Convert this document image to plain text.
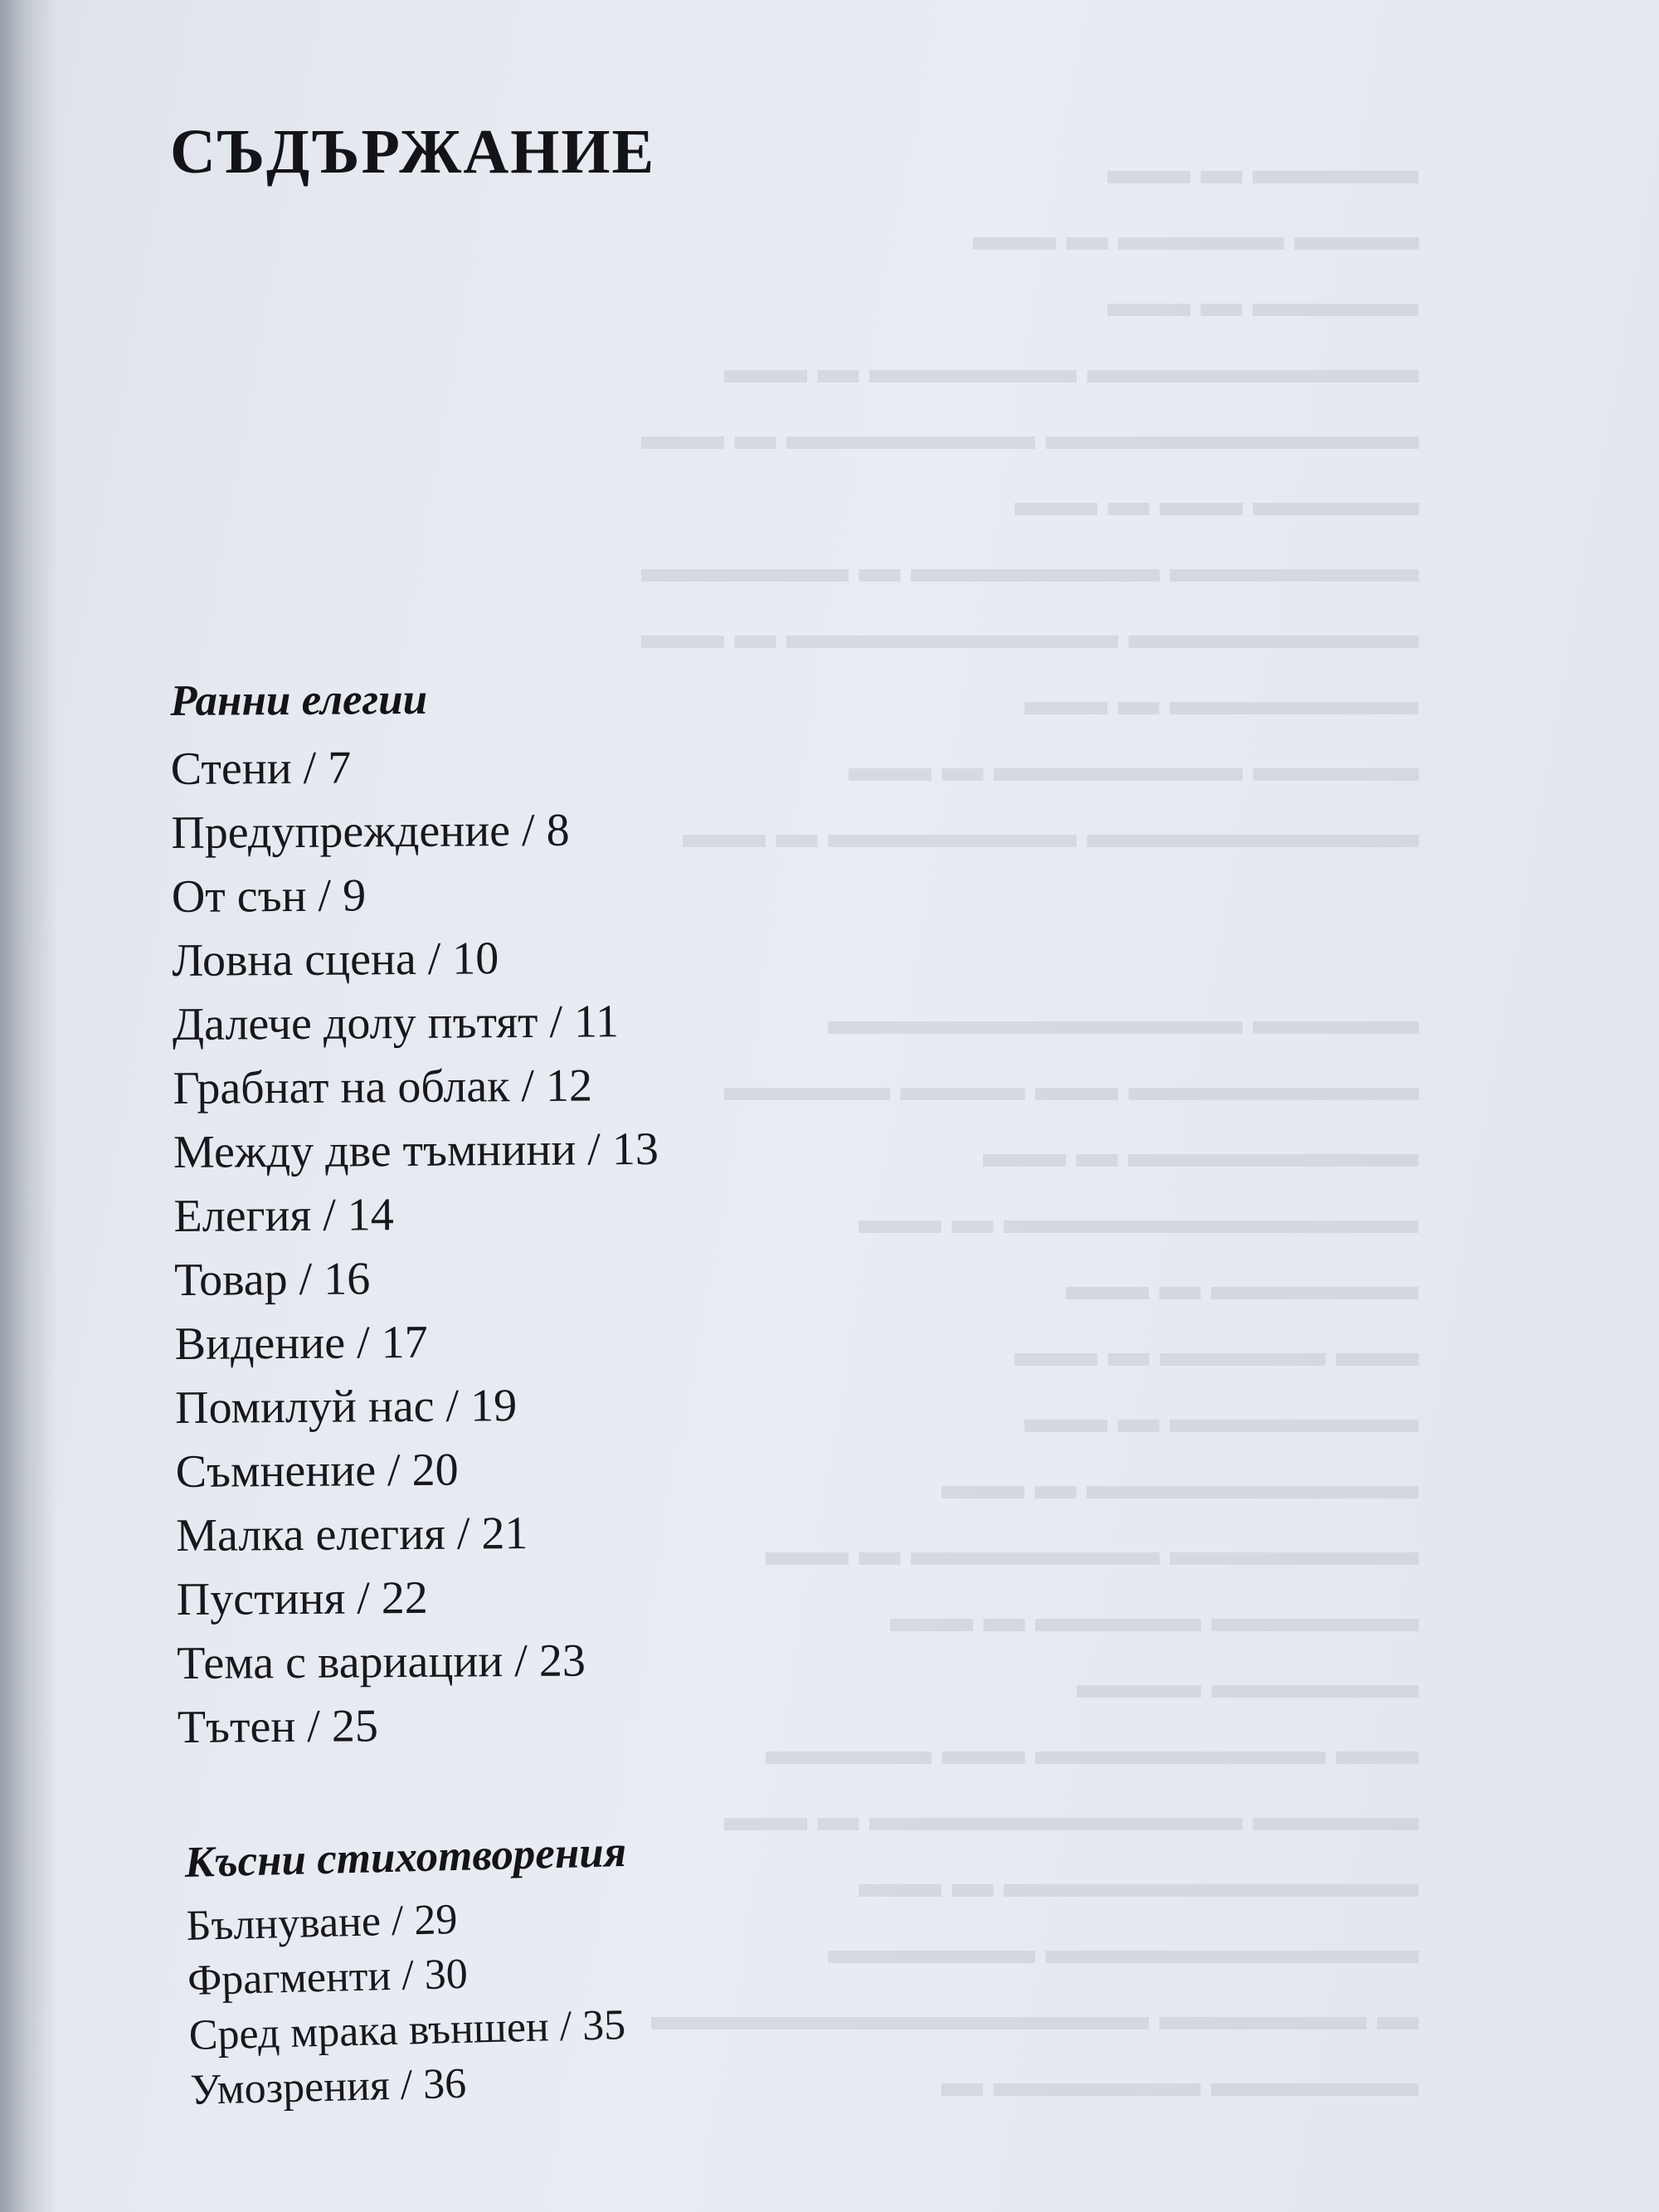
▬▬▬▬ ▬ ▬▬
▬▬▬ ▬▬▬▬ ▬ ▬▬
▬▬▬▬ ▬ ▬▬
▬▬▬▬▬▬▬▬ ▬▬▬▬▬ ▬ ▬▬
▬▬▬▬▬▬▬▬▬ ▬▬▬▬▬▬ ▬ ▬▬
▬▬▬▬ ▬▬ ▬ ▬▬
▬▬▬▬▬▬ ▬▬▬▬▬▬ ▬ ▬▬▬▬▬
▬▬▬▬▬▬▬ ▬▬▬▬▬▬▬▬ ▬ ▬▬
▬▬▬▬▬▬ ▬ ▬▬
▬▬▬▬ ▬▬▬▬▬▬ ▬ ▬▬
▬▬▬▬▬▬▬▬ ▬▬▬▬▬▬ ▬ ▬▬
▬▬▬▬ ▬▬▬▬▬▬▬▬▬▬
▬▬▬▬▬▬▬ ▬▬ ▬▬▬ ▬▬▬▬
▬▬▬▬▬▬▬ ▬ ▬▬
▬▬▬▬▬▬▬▬▬▬ ▬ ▬▬
▬▬▬▬▬ ▬ ▬▬
▬▬ ▬▬▬▬ ▬ ▬▬
▬▬▬▬▬▬ ▬ ▬▬
▬▬▬▬▬▬▬▬ ▬ ▬▬
▬▬▬▬▬▬ ▬▬▬▬▬▬ ▬ ▬▬
▬▬▬▬▬ ▬▬▬▬ ▬ ▬▬
▬▬▬▬▬ ▬▬▬
▬▬ ▬▬▬▬▬▬▬ ▬▬ ▬▬▬▬
▬▬▬▬ ▬▬▬▬▬▬▬▬▬ ▬ ▬▬
▬▬▬▬▬▬▬▬▬▬ ▬ ▬▬
▬▬▬▬▬▬▬▬▬ ▬▬▬▬▬
▬ ▬▬▬▬▬ ▬▬▬▬▬▬▬▬▬▬▬▬
▬▬▬▬▬ ▬▬▬▬▬ ▬
СЪДЪРЖАНИЕ
Ранни елегии
Стени / 7
Предупреждение / 8
От сън / 9
Ловна сцена / 10
Далече долу пътят / 11
Грабнат на облак / 12
Между две тъмнини / 13
Елегия / 14
Товар / 16
Видение / 17
Помилуй нас / 19
Съмнение / 20
Малка елегия / 21
Пустиня / 22
Тема с вариации / 23
Тътен / 25
Късни стихотворения
Бълнуване / 29
Фрагменти / 30
Сред мрака външен / 35
Умозрения / 36
